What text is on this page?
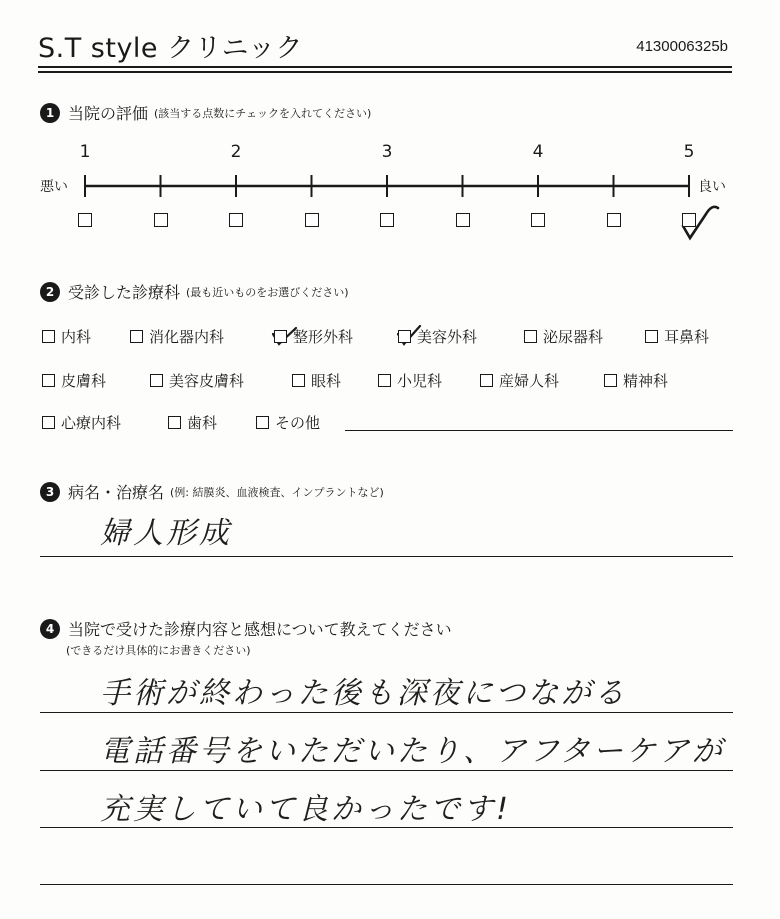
S.T style クリニック	4130006325b
1 当院の評価 (該当する点数にチェックを入れてください)
1	2	3	4	5
悪い	良い
2 受診した診療科 (最も近いものをお選びください)
内科	消化器内科	整形外科	美容外科	泌尿器科	耳鼻科
皮膚科	美容皮膚科	眼科	小児科	産婦人科	精神科
心療内科	歯科	その他
3 病名・治療名 (例: 結膜炎、血液検査、インプラントなど)
婦人形成
4 当院で受けた診療内容と感想について教えてください
(できるだけ具体的にお書きください)
手術が終わった後も深夜につながる
電話番号をいただいたり、アフターケアが
充実していて良かったです!
